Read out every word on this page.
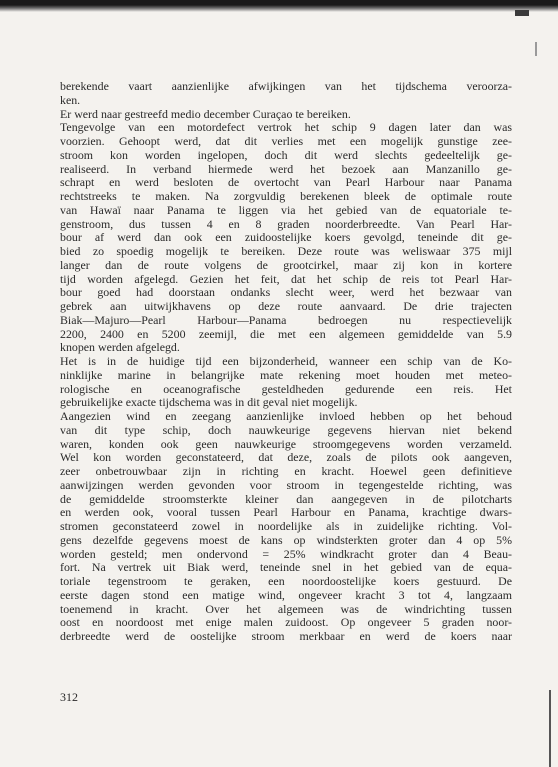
berekende vaart aanzienlijke afwijkingen van het tijdschema veroorza-
ken.
Er werd naar gestreefd medio december Curaçao te bereiken.
Tengevolge van een motordefect vertrok het schip 9 dagen later dan was
voorzien. Gehoopt werd, dat dit verlies met een mogelijk gunstige zee-
stroom kon worden ingelopen, doch dit werd slechts gedeeltelijk ge-
realiseerd. In verband hiermede werd het bezoek aan Manzanillo ge-
schrapt en werd besloten de overtocht van Pearl Harbour naar Panama
rechtstreeks te maken. Na zorgvuldig berekenen bleek de optimale route
van Hawaï naar Panama te liggen via het gebied van de equatoriale te-
genstroom, dus tussen 4 en 8 graden noorderbreedte. Van Pearl Har-
bour af werd dan ook een zuidoostelijke koers gevolgd, teneinde dit ge-
bied zo spoedig mogelijk te bereiken. Deze route was weliswaar 375 mijl
langer dan de route volgens de grootcirkel, maar zij kon in kortere
tijd worden afgelegd. Gezien het feit, dat het schip de reis tot Pearl Har-
bour goed had doorstaan ondanks slecht weer, werd het bezwaar van
gebrek aan uitwijkhavens op deze route aanvaard. De drie trajecten
Biak—Majuro—Pearl Harbour—Panama bedroegen nu respectievelijk
2200, 2400 en 5200 zeemijl, die met een algemeen gemiddelde van 5.9
knopen werden afgelegd.
Het is in de huidige tijd een bijzonderheid, wanneer een schip van de Ko-
ninklijke marine in belangrijke mate rekening moet houden met meteo-
rologische en oceanografische gesteldheden gedurende een reis. Het
gebruikelijke exacte tijdschema was in dit geval niet mogelijk.
Aangezien wind en zeegang aanzienlijke invloed hebben op het behoud
van dit type schip, doch nauwkeurige gegevens hiervan niet bekend
waren, konden ook geen nauwkeurige stroomgegevens worden verzameld.
Wel kon worden geconstateerd, dat deze, zoals de pilots ook aangeven,
zeer onbetrouwbaar zijn in richting en kracht. Hoewel geen definitieve
aanwijzingen werden gevonden voor stroom in tegengestelde richting, was
de gemiddelde stroomsterkte kleiner dan aangegeven in de pilotcharts
en werden ook, vooral tussen Pearl Harbour en Panama, krachtige dwars-
stromen geconstateerd zowel in noordelijke als in zuidelijke richting. Vol-
gens dezelfde gegevens moest de kans op windsterkten groter dan 4 op 5%
worden gesteld; men ondervond = 25% windkracht groter dan 4 Beau-
fort. Na vertrek uit Biak werd, teneinde snel in het gebied van de equa-
toriale tegenstroom te geraken, een noordoostelijke koers gestuurd. De
eerste dagen stond een matige wind, ongeveer kracht 3 tot 4, langzaam
toenemend in kracht. Over het algemeen was de windrichting tussen
oost en noordoost met enige malen zuidoost. Op ongeveer 5 graden noor-
derbreedte werd de oostelijke stroom merkbaar en werd de koers naar
312
